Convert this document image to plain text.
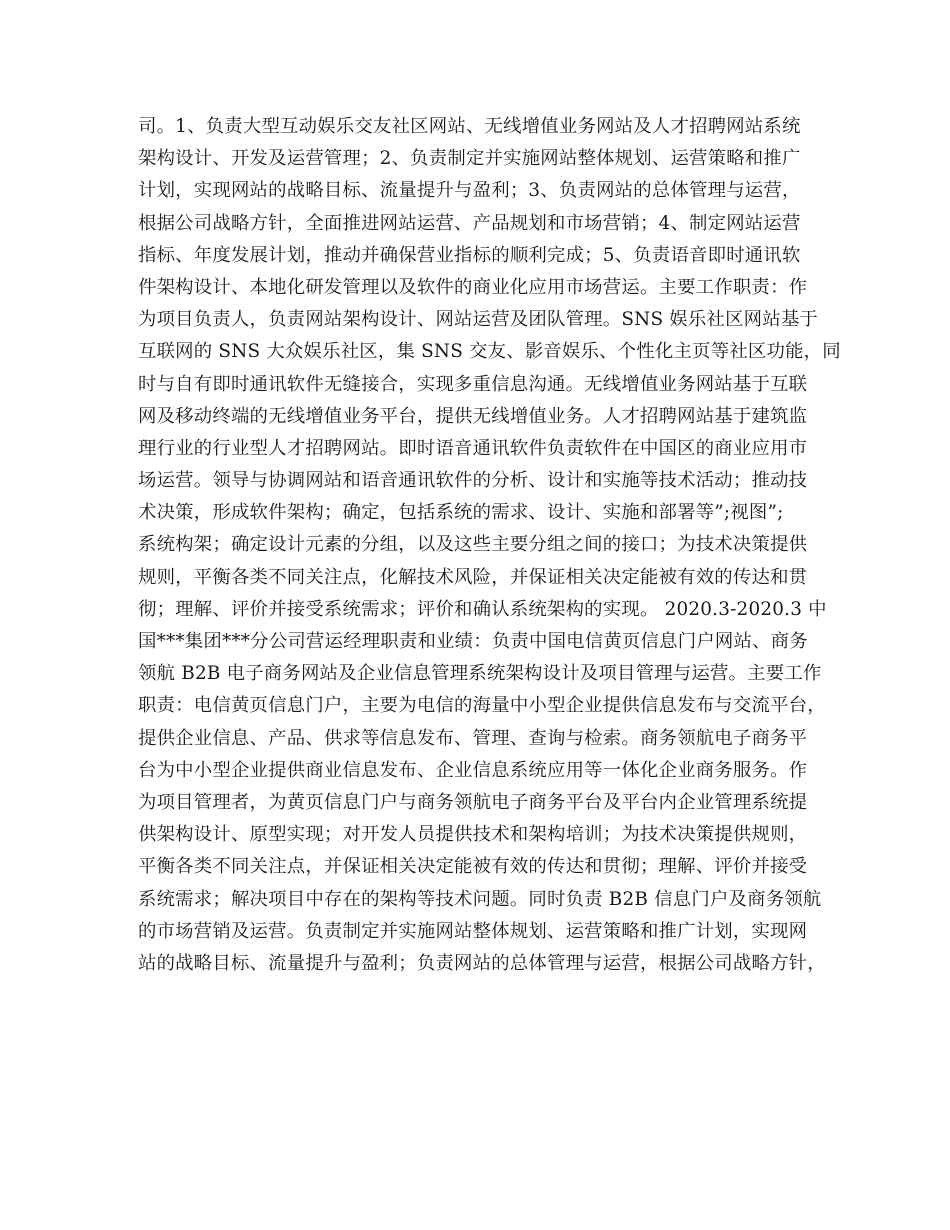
司。1、负责大型互动娱乐交友社区网站、无线增值业务网站及人才招聘网站系统
架构设计、开发及运营管理；2、负责制定并实施网站整体规划、运营策略和推广
计划，实现网站的战略目标、流量提升与盈利；3、负责网站的总体管理与运营，
根据公司战略方针，全面推进网站运营、产品规划和市场营销；4、制定网站运营
指标、年度发展计划，推动并确保营业指标的顺利完成；5、负责语音即时通讯软
件架构设计、本地化研发管理以及软件的商业化应用市场营运。主要工作职责：作
为项目负责人，负责网站架构设计、网站运营及团队管理。SNS 娱乐社区网站基于
互联网的 SNS 大众娱乐社区，集 SNS 交友、影音娱乐、个性化主页等社区功能，同
时与自有即时通讯软件无缝接合，实现多重信息沟通。无线增值业务网站基于互联
网及移动终端的无线增值业务平台，提供无线增值业务。人才招聘网站基于建筑监
理行业的行业型人才招聘网站。即时语音通讯软件负责软件在中国区的商业应用市
场运营。领导与协调网站和语音通讯软件的分析、设计和实施等技术活动；推动技
术决策，形成软件架构；确定，包括系统的需求、设计、实施和部署等”;视图”;
系统构架；确定设计元素的分组，以及这些主要分组之间的接口；为技术决策提供
规则，平衡各类不同关注点，化解技术风险，并保证相关决定能被有效的传达和贯
彻；理解、评价并接受系统需求；评价和确认系统架构的实现。 2020.3-2020.3 中
国***集团***分公司营运经理职责和业绩：负责中国电信黄页信息门户网站、商务
领航 B2B 电子商务网站及企业信息管理系统架构设计及项目管理与运营。主要工作
职责：电信黄页信息门户，主要为电信的海量中小型企业提供信息发布与交流平台，
提供企业信息、产品、供求等信息发布、管理、查询与检索。商务领航电子商务平
台为中小型企业提供商业信息发布、企业信息系统应用等一体化企业商务服务。作
为项目管理者，为黄页信息门户与商务领航电子商务平台及平台内企业管理系统提
供架构设计、原型实现；对开发人员提供技术和架构培训；为技术决策提供规则，
平衡各类不同关注点，并保证相关决定能被有效的传达和贯彻；理解、评价并接受
系统需求；解决项目中存在的架构等技术问题。同时负责 B2B 信息门户及商务领航
的市场营销及运营。负责制定并实施网站整体规划、运营策略和推广计划，实现网
站的战略目标、流量提升与盈利；负责网站的总体管理与运营，根据公司战略方针，
